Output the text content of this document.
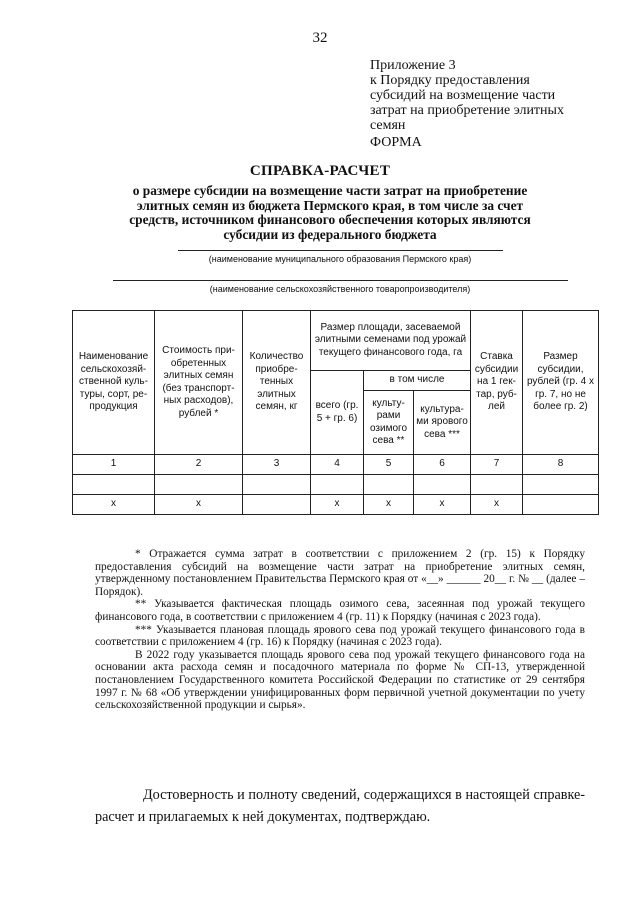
32
Приложение 3
к Порядку предоставления
субсидий на возмещение части
затрат на приобретение элитных
семян
ФОРМА
СПРАВКА-РАСЧЕТ
о размере субсидии на возмещение части затрат на приобретение
элитных семян из бюджета Пермского края, в том числе за счет
средств, источником финансового обеспечения которых являются
субсидии из федерального бюджета
(наименование муниципального образования Пермского края)
(наименование сельскохозяйственного товаропроизводителя)
Наименование сельскохозяй-ственной куль-туры, сорт, ре-продукция	Стоимость при-обретенных элитных семян (без транспорт-ных расходов), рублей *	Количество приобре-тенных элитных семян, кг	Размер площади, засеваемой элитными семенами под урожай текущего финансового года, га			Ставка субсидии на 1 гек-тар, руб-лей	Размер субсидии, рублей (гр. 4 х гр. 7, но не более гр. 2)
			всего (гр. 5 + гр. 6)	в том числе			
				культу-рами озимого сева **	культура-ми ярового сева ***		
1	2	3	4	5	6	7	8

x	x		x	x	x	x	

* Отражается сумма затрат в соответствии с приложением 2 (гр. 15) к Порядку предоставления субсидий на возмещение части затрат на приобретение элитных семян, утвержденному постановлением Правительства Пермского края от «__» ______ 20__ г. № __ (далее – Порядок).

** Указывается фактическая площадь озимого сева, засеянная под урожай текущего финансового года, в соответствии с приложением 4 (гр. 11) к Порядку (начиная с 2023 года).

*** Указывается плановая площадь ярового сева под урожай текущего финансового года в соответствии с приложением 4 (гр. 16) к Порядку (начиная с 2023 года).

В 2022 году указывается площадь ярового сева под урожай текущего финансового года на основании акта расхода семян и посадочного материала по форме № СП-13, утвержденной постановлением Государственного комитета Российской Федерации по статистике от 29 сентября 1997 г. № 68 «Об утверждении унифицированных форм первичной учетной документации по учету сельскохозяйственной продукции и сырья».

Достоверность и полноту сведений, содержащихся в настоящей справке-расчет и прилагаемых к ней документах, подтверждаю.
